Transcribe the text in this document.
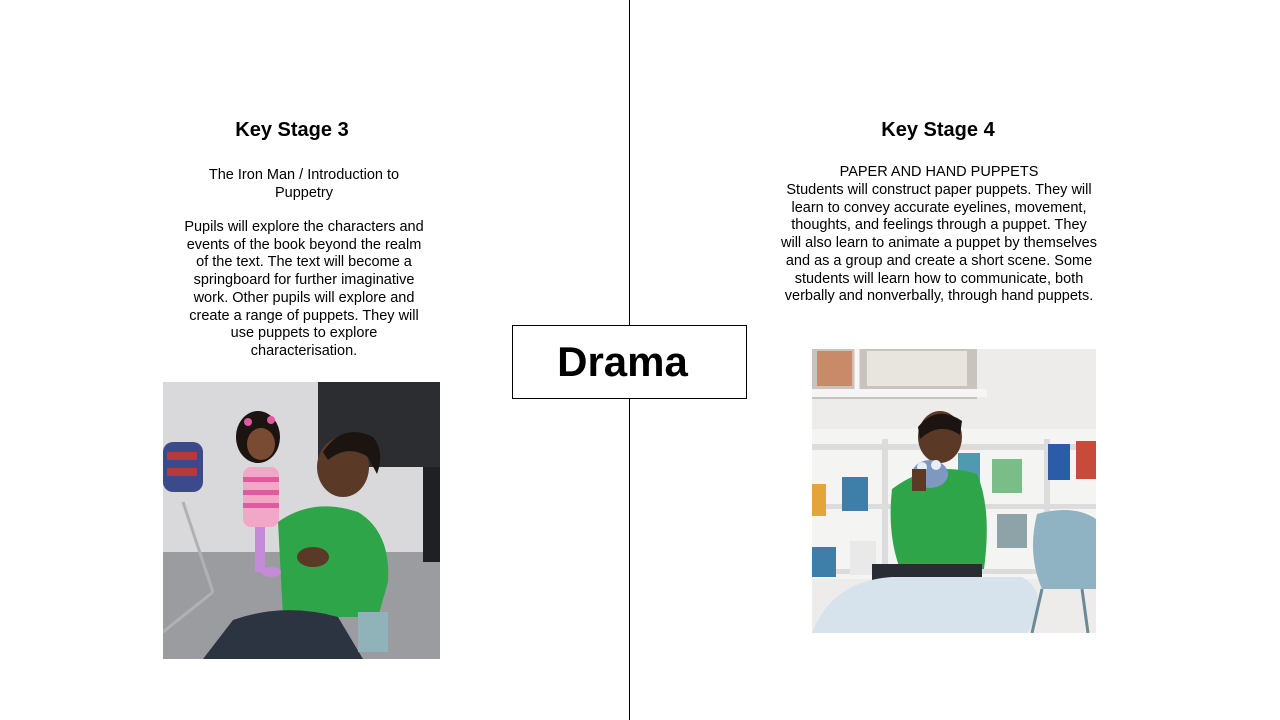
Key Stage 3
The Iron Man / Introduction to Puppetry
Pupils will explore the characters and events of the book beyond the realm of the text. The text will become a springboard for further imaginative work. Other pupils will explore and create a range of puppets. They will use puppets to explore characterisation.	Drama
Key Stage 4
PAPER AND HAND PUPPETS
Students will construct paper puppets. They will learn to convey accurate eyelines, movement, thoughts, and feelings through a puppet. They will also learn to animate a puppet by themselves and as a group and create a short scene. Some students will learn how to communicate, both verbally and nonverbally, through hand puppets.
